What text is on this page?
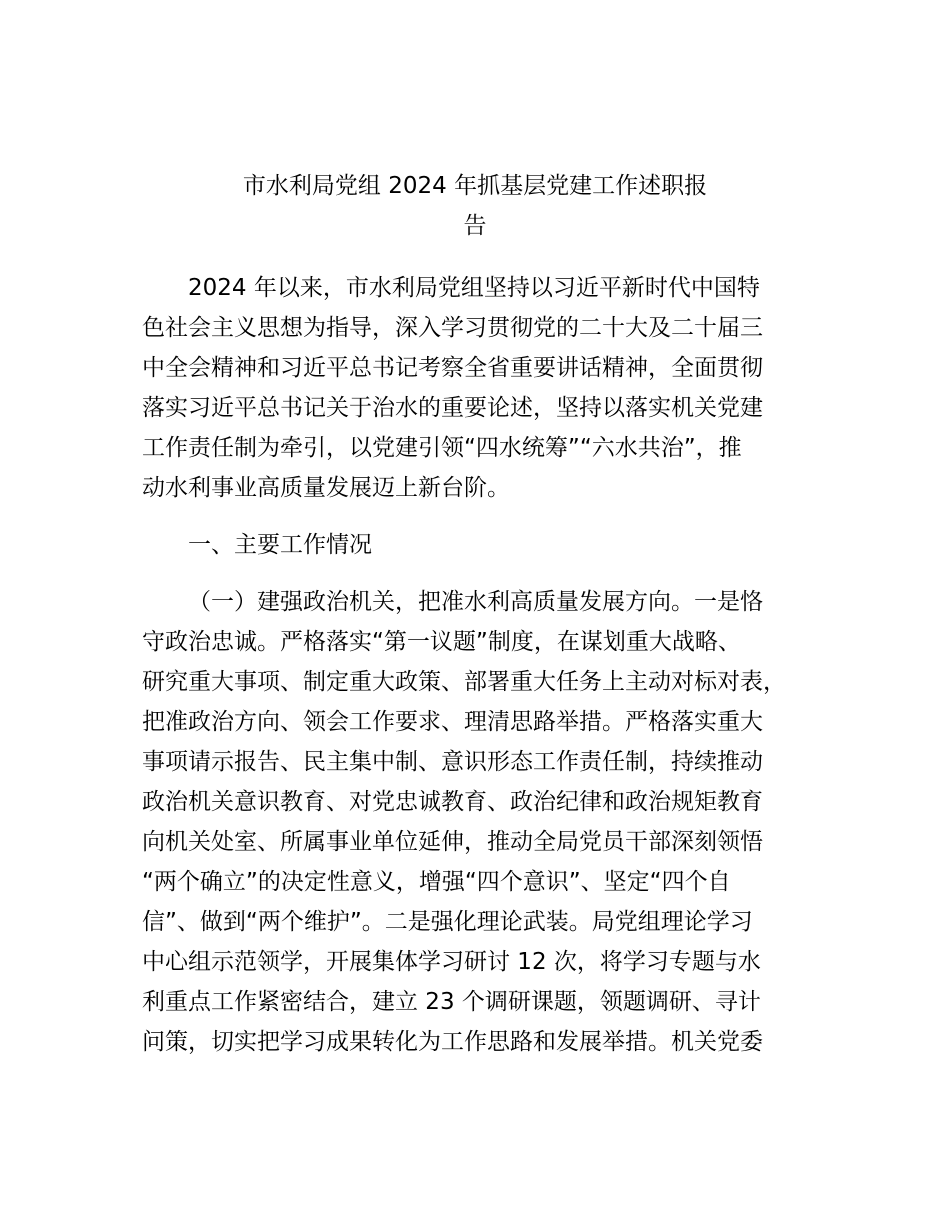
市水利局党组 2024 年抓基层党建工作述职报
告
2024 年以来，市水利局党组坚持以习近平新时代中国特
色社会主义思想为指导，深入学习贯彻党的二十大及二十届三
中全会精神和习近平总书记考察全省重要讲话精神，全面贯彻
落实习近平总书记关于治水的重要论述，坚持以落实机关党建
工作责任制为牵引，以党建引领“四水统筹”“六水共治”，推
动水利事业高质量发展迈上新台阶。
一、主要工作情况
（一）建强政治机关，把准水利高质量发展方向。一是恪
守政治忠诚。严格落实“第一议题”制度，在谋划重大战略、
研究重大事项、制定重大政策、部署重大任务上主动对标对表，
把准政治方向、领会工作要求、理清思路举措。严格落实重大
事项请示报告、民主集中制、意识形态工作责任制，持续推动
政治机关意识教育、对党忠诚教育、政治纪律和政治规矩教育
向机关处室、所属事业单位延伸，推动全局党员干部深刻领悟
“两个确立”的决定性意义，增强“四个意识”、坚定“四个自
信”、做到“两个维护”。二是强化理论武装。局党组理论学习
中心组示范领学，开展集体学习研讨 12 次，将学习专题与水
利重点工作紧密结合，建立 23 个调研课题，领题调研、寻计
问策，切实把学习成果转化为工作思路和发展举措。机关党委
